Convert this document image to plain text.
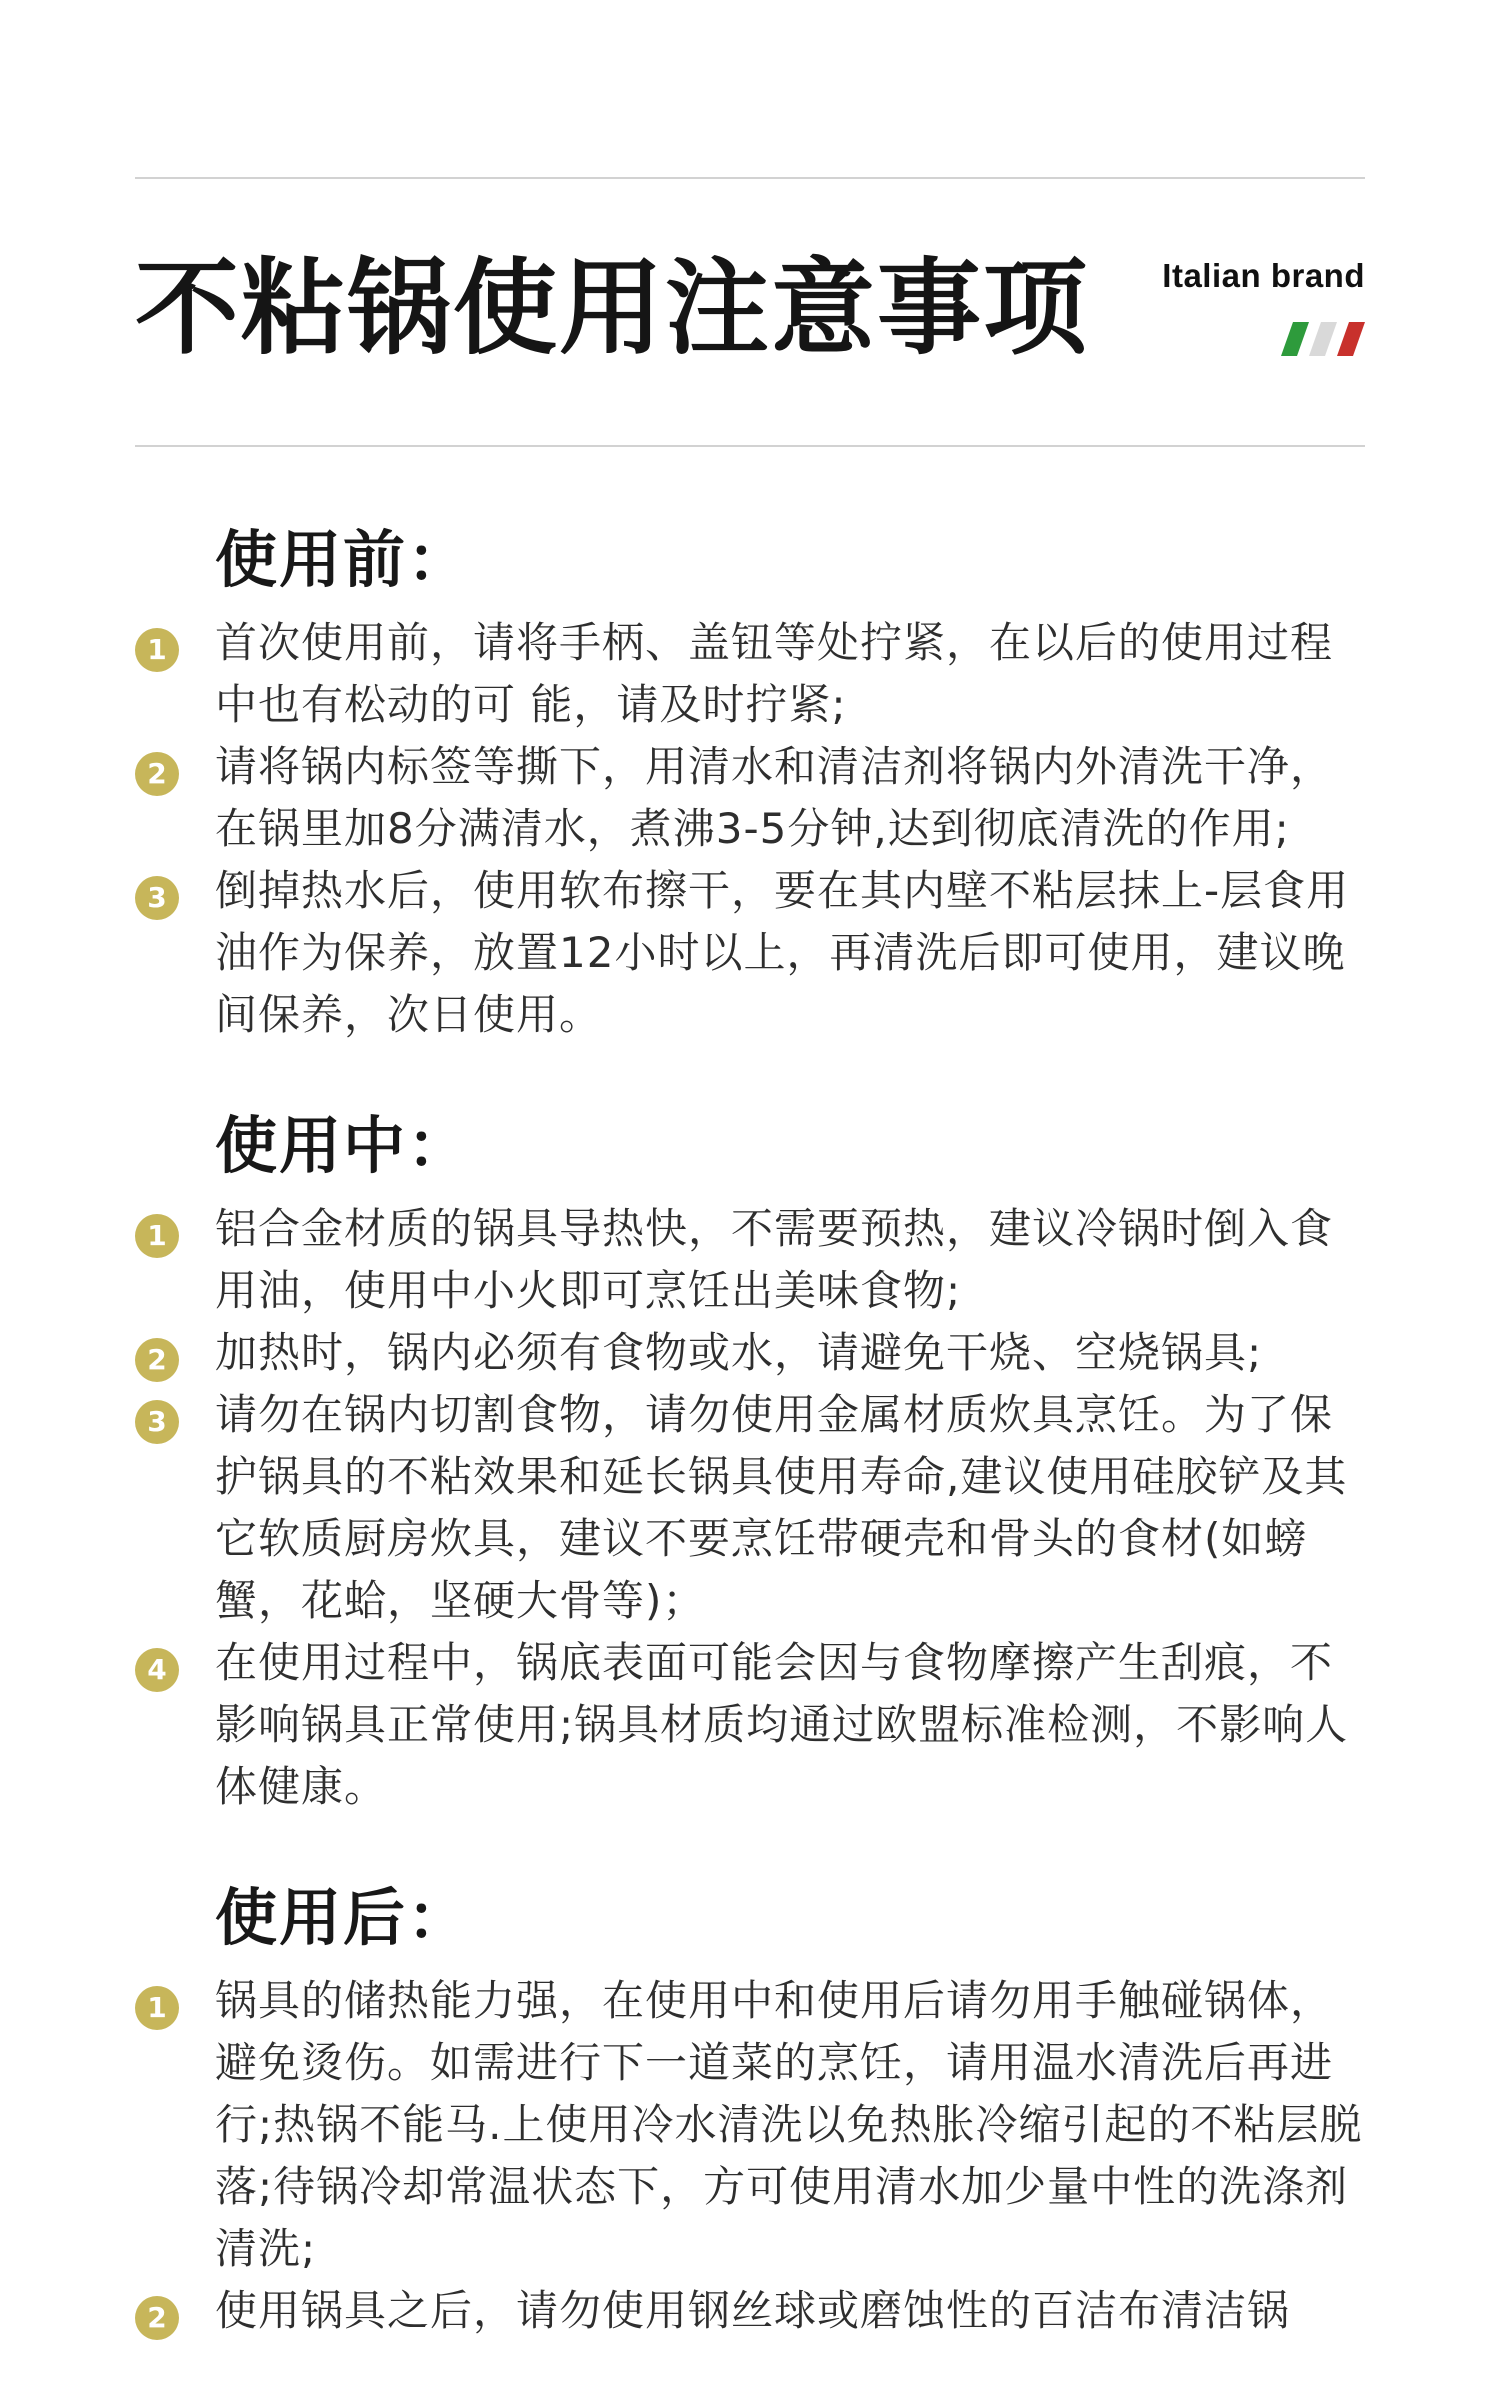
不粘锅使用注意事项 Italian brand
使用前：
1 首次使用前，请将手柄、盖钮等处拧紧，在以后的使用过程中也有松动的可 能，请及时拧紧;
2 请将锅内标签等撕下，用清水和清洁剂将锅内外清洗干净，在锅里加8分满清水，煮沸3-5分钟,达到彻底清洗的作用;
3 倒掉热水后，使用软布擦干，要在其内壁不粘层抹上-层食用油作为保养，放置12小时以上，再清洗后即可使用，建议晚间保养，次日使用。
使用中：
1 铝合金材质的锅具导热快，不需要预热，建议冷锅时倒入食用油，使用中小火即可烹饪出美味食物;
2 加热时，锅内必须有食物或水，请避免干烧、空烧锅具;
3 请勿在锅内切割食物，请勿使用金属材质炊具烹饪。为了保护锅具的不粘效果和延长锅具使用寿命,建议使用硅胶铲及其它软质厨房炊具，建议不要烹饪带硬壳和骨头的食材(如螃蟹，花蛤，坚硬大骨等)；
4 在使用过程中，锅底表面可能会因与食物摩擦产生刮痕，不影响锅具正常使用;锅具材质均通过欧盟标准检测，不影响人体健康。
使用后：
1 锅具的储热能力强，在使用中和使用后请勿用手触碰锅体，避免烫伤。如需进行下一道菜的烹饪，请用温水清洗后再进行;热锅不能马.上使用冷水清洗以免热胀冷缩引起的不粘层脱落;待锅冷却常温状态下，方可使用清水加少量中性的洗涤剂清洗;
2 使用锅具之后，请勿使用钢丝球或磨蚀性的百洁布清洁锅
